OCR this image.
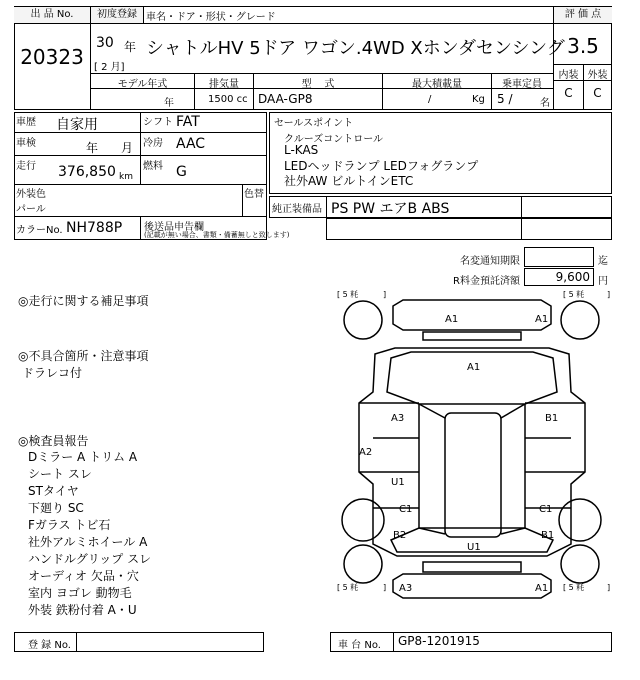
出 品 No.
20323
初度登録
30 年
[ 2 月]
車名・ドア・形状・グレード
シャトルHV 5ドア ワゴン.4WD Xホンダセンシング
評 価 点
3.5
内装 外装
C	C
モデル年式	排気量	型    式	最大積載量	乗車定員
年	1500 cc DAA-GP8	/	Kg 5 /	名
車歴 自家用	シフト FAT
車検	年 月 冷房 AAC
走行 376,850 km
燃料 G
外装色
パール
色替
カラーNo. NH788P 後送品申告欄
(記載が無い場合、書類・備蓄無しと致します)
セールスポイント
クルーズコントロール
L-KAS
LEDヘッドランプ LEDフォグランプ
社外AW ビルトインETC
純正装備品 PS PW エアB ABS
名変通知期限	迄
R料金預託済額	9,600 円
◎走行に関する補足事項
◎不具合箇所・注意事項
ドラレコ付
◎検査員報告
Dミラー A トリム A
シート スレ
STタイヤ
下廻り SC
Fガラス トビ石
社外アルミホイール A
ハンドルグリップ スレ
オーディオ 欠品・穴
室内 ヨゴレ 動物毛
外装 鉄粉付着 A・U
[ 5 粍	]	[ 5 粍	]
[ 5 粍	]	[ 5 粍	]
A1	A1
A1
A3	B1
A2
U1
C1	C1
B2	B1
U1
A3	A1
登 録 No.	車 台 No. GP8-1201915
